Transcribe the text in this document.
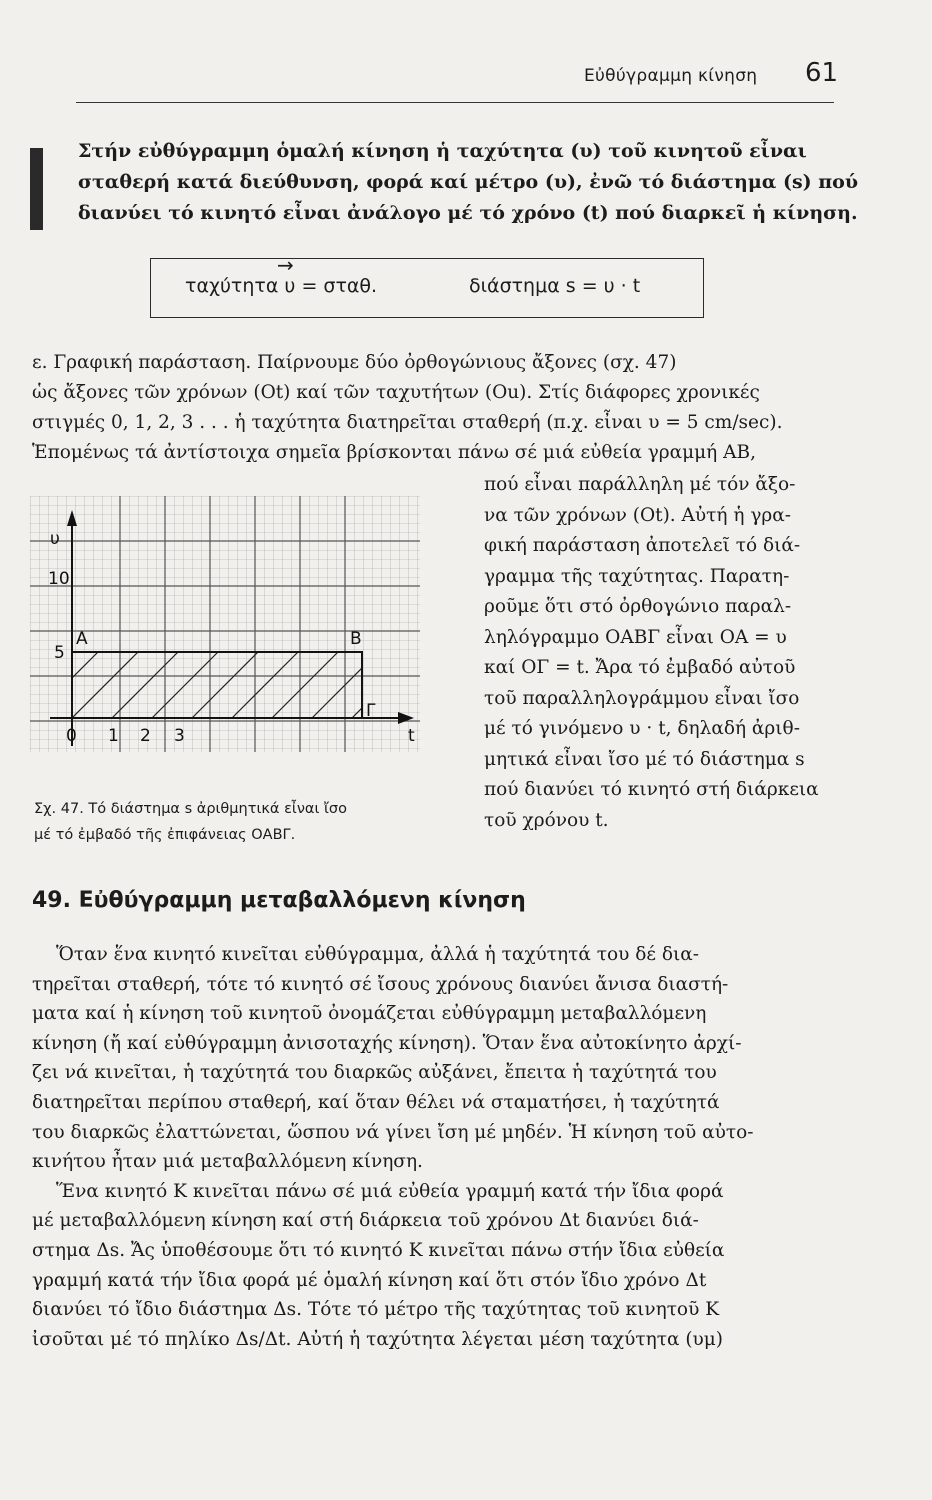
Εὐθύγραμμη κίνηση 61
Στήν εὐθύγραμμη ὁμαλή κίνηση ἡ ταχύτητα (υ) τοῦ κινητοῦ εἶναι
σταθερή κατά διεύθυνση, φορά καί μέτρο (υ), ἐνῶ τό διάστημα (s) πού
διανύει τό κινητό εἶναι ἀνάλογο μέ τό χρόνο (t) πού διαρκεῖ ἡ κίνηση.
→
ταχύτητα υ = σταθ.	διάστημα s = υ · t
ε. Γραφική παράσταση. Παίρνουμε δύο ὀρθογώνιους ἄξονες (σχ. 47)
ὡς ἄξονες τῶν χρόνων (Ot) καί τῶν ταχυτήτων (Ou). Στίς διάφορες χρονικές
στιγμές 0, 1, 2, 3 . . . ἡ ταχύτητα διατηρεῖται σταθερή (π.χ. εἶναι υ = 5 cm/sec).
Ἑπομένως τά ἀντίστοιχα σημεῖα βρίσκονται πάνω σέ μιά εὐθεία γραμμή AB,
υ
10
5
A	B
Γ
0 1 2 3	t
πού εἶναι παράλληλη μέ τόν ἄξο-
να τῶν χρόνων (Ot). Αὐτή ἡ γρα-
φική παράσταση ἀποτελεῖ τό διά-
γραμμα τῆς ταχύτητας. Παρατη-
ροῦμε ὅτι στό ὀρθογώνιο παραλ-
ληλόγραμμο ΟΑΒΓ εἶναι ΟΑ = υ
καί ΟΓ = t. Ἄρα τό ἐμβαδό αὐτοῦ
τοῦ παραλληλογράμμου εἶναι ἴσο
μέ τό γινόμενο υ · t, δηλαδή ἀριθ-
μητικά εἶναι ἴσο μέ τό διάστημα s
πού διανύει τό κινητό στή διάρκεια
τοῦ χρόνου t.
Σχ. 47. Τό διάστημα s ἀριθμητικά εἶναι ἴσο
μέ τό ἐμβαδό τῆς ἐπιφάνειας ΟΑΒΓ.
49. Εὐθύγραμμη μεταβαλλόμενη κίνηση
Ὅταν ἕνα κινητό κινεῖται εὐθύγραμμα, ἀλλά ἡ ταχύτητά του δέ δια-
τηρεῖται σταθερή, τότε τό κινητό σέ ἴσους χρόνους διανύει ἄνισα διαστή-
ματα καί ἡ κίνηση τοῦ κινητοῦ ὀνομάζεται εὐθύγραμμη μεταβαλλόμενη
κίνηση (ἤ καί εὐθύγραμμη ἀνισοταχής κίνηση). Ὅταν ἕνα αὐτοκίνητο ἀρχί-
ζει νά κινεῖται, ἡ ταχύτητά του διαρκῶς αὐξάνει, ἔπειτα ἡ ταχύτητά του
διατηρεῖται περίπου σταθερή, καί ὅταν θέλει νά σταματήσει, ἡ ταχύτητά
του διαρκῶς ἐλαττώνεται, ὥσπου νά γίνει ἴση μέ μηδέν. Ἡ κίνηση τοῦ αὐτο-
κινήτου ἦταν μιά μεταβαλλόμενη κίνηση.
Ἕνα κινητό Κ κινεῖται πάνω σέ μιά εὐθεία γραμμή κατά τήν ἴδια φορά
μέ μεταβαλλόμενη κίνηση καί στή διάρκεια τοῦ χρόνου Δt διανύει διά-
στημα Δs. Ἄς ὑποθέσουμε ὅτι τό κινητό Κ κινεῖται πάνω στήν ἴδια εὐθεία
γραμμή κατά τήν ἴδια φορά μέ ὁμαλή κίνηση καί ὅτι στόν ἴδιο χρόνο Δt
διανύει τό ἴδιο διάστημα Δs. Τότε τό μέτρο τῆς ταχύτητας τοῦ κινητοῦ Κ
ἰσοῦται μέ τό πηλίκο Δs/Δt. Αὐτή ἡ ταχύτητα λέγεται μέση ταχύτητα (υμ)
